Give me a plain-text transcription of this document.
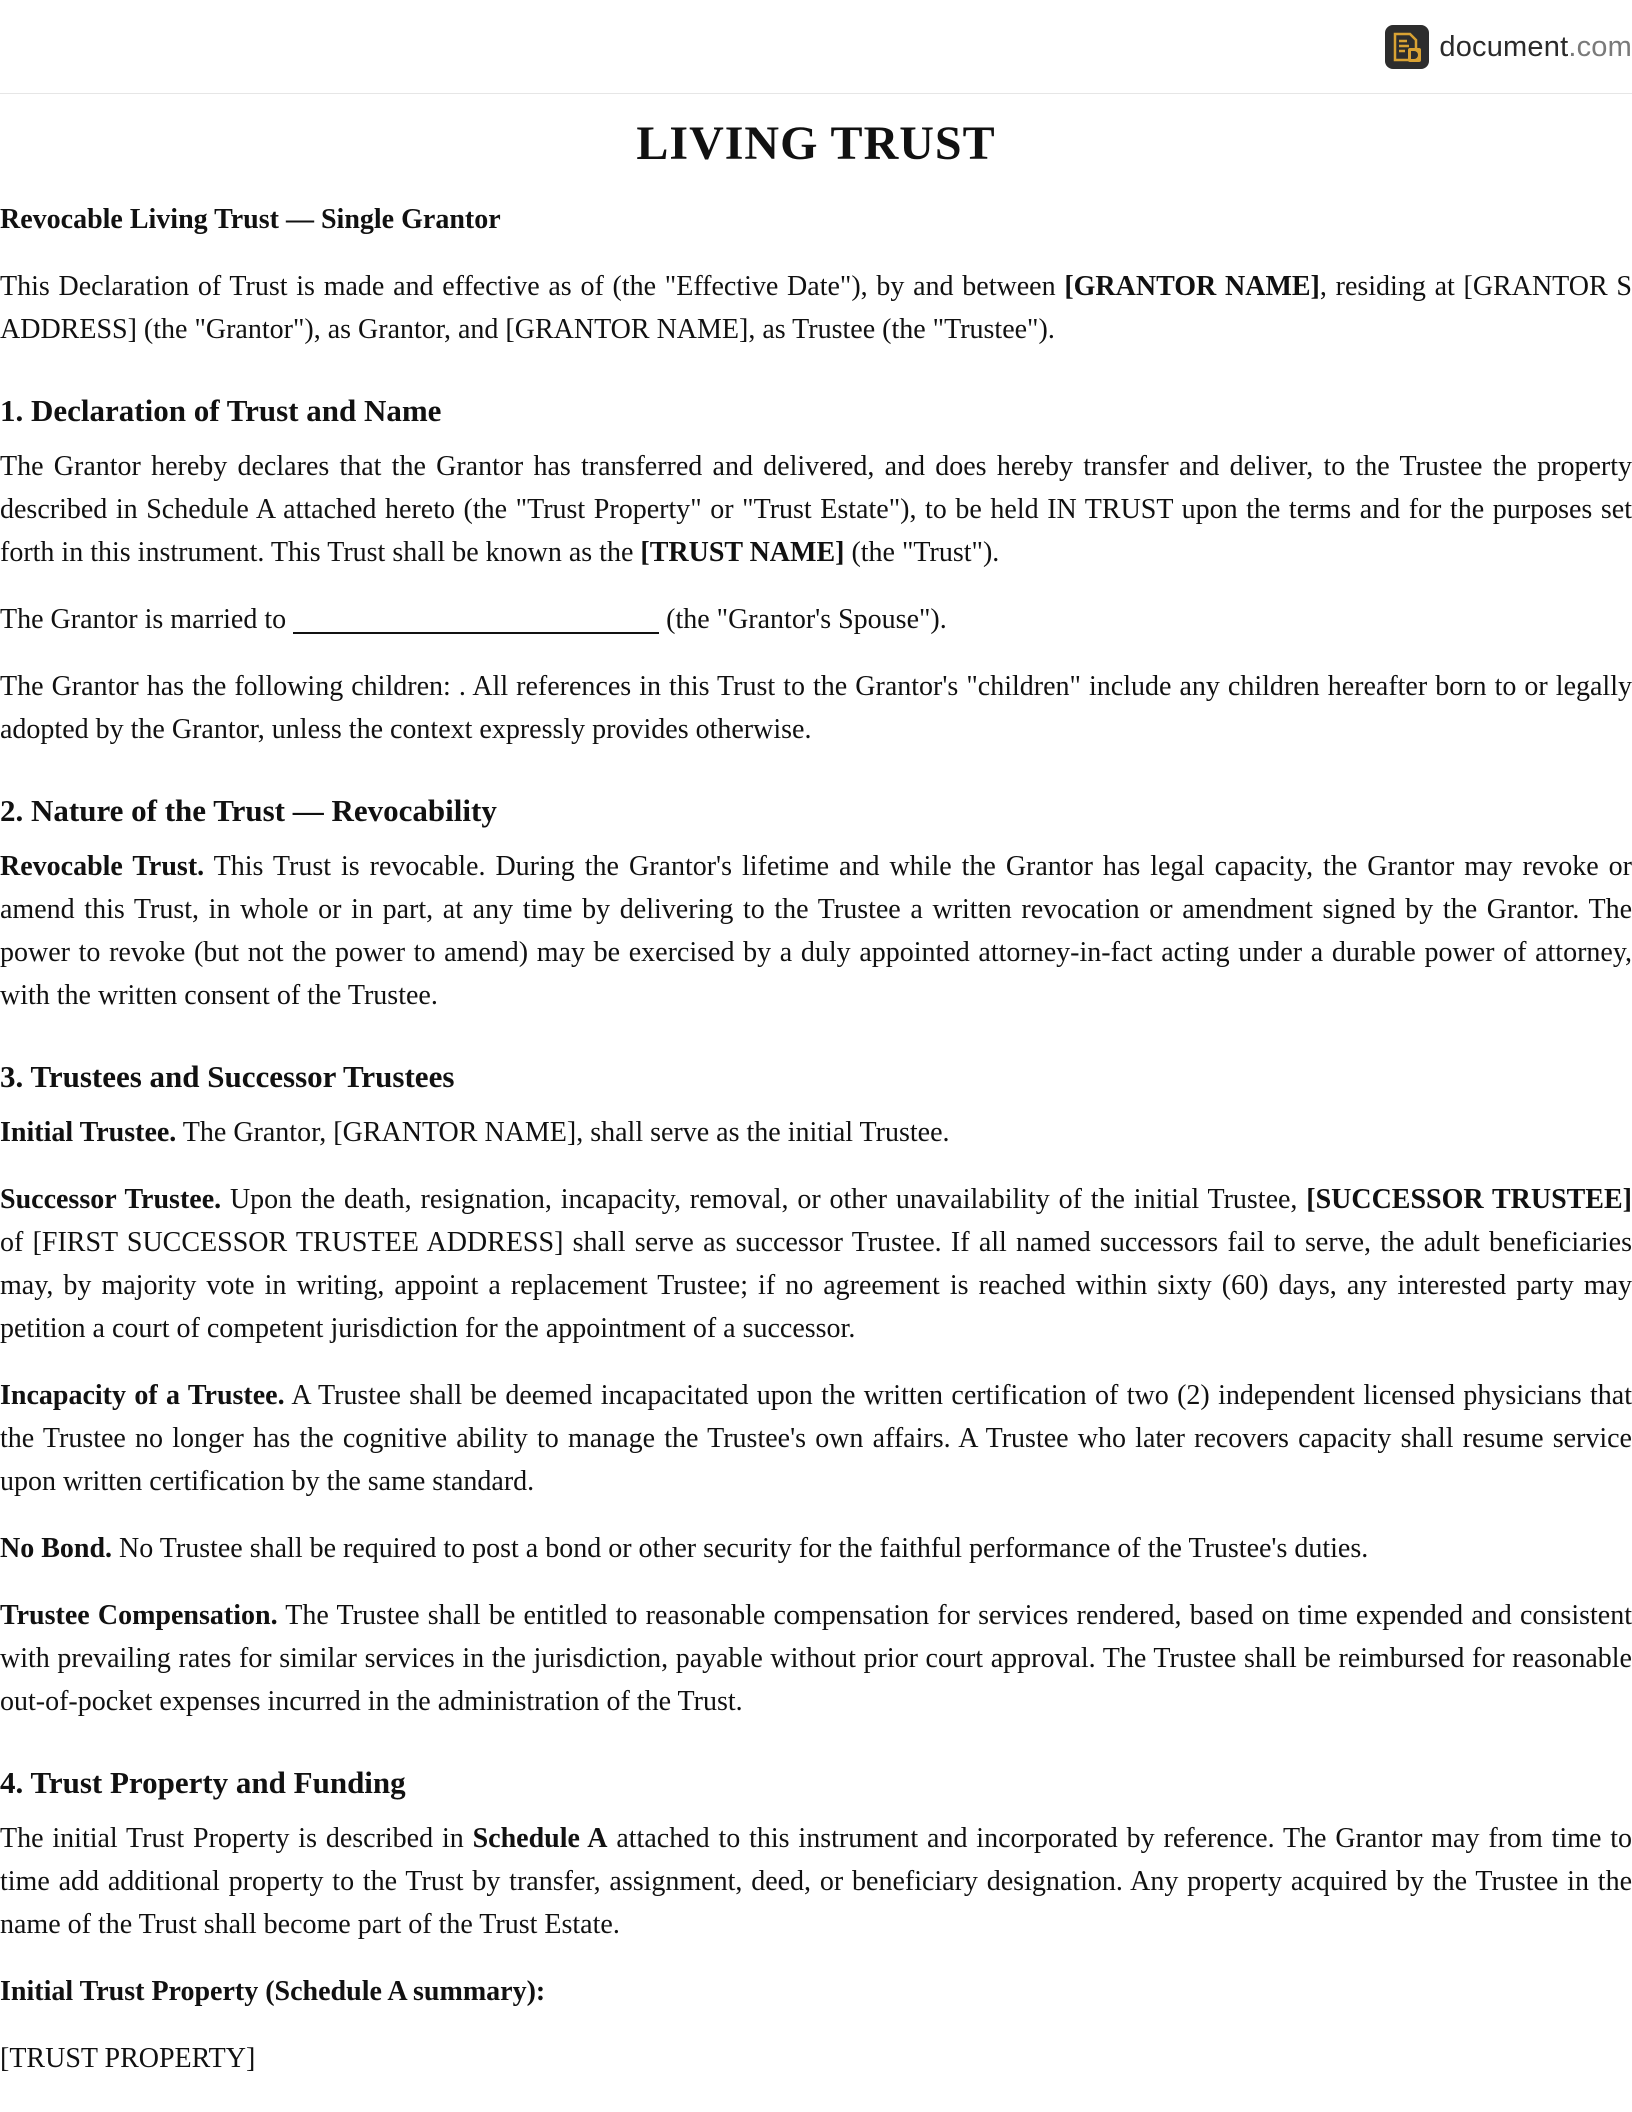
document.com
LIVING TRUST
Revocable Living Trust — Single Grantor

This Declaration of Trust is made and effective as of (the "Effective Date"), by and between [GRANTOR NAME], residing at [GRANTOR S ADDRESS] (the "Grantor"), as Grantor, and [GRANTOR NAME], as Trustee (the "Trustee").

1. Declaration of Trust and Name

The Grantor hereby declares that the Grantor has transferred and delivered, and does hereby transfer and deliver, to the Trustee the property described in Schedule A attached hereto (the "Trust Property" or "Trust Estate"), to be held IN TRUST upon the terms and for the purposes set forth in this instrument. This Trust shall be known as the [TRUST NAME] (the "Trust").

The Grantor is married to	(the "Grantor's Spouse").

The Grantor has the following children: . All references in this Trust to the Grantor's "children" include any children hereafter born to or legally adopted by the Grantor, unless the context expressly provides otherwise.

2. Nature of the Trust — Revocability

Revocable Trust. This Trust is revocable. During the Grantor's lifetime and while the Grantor has legal capacity, the Grantor may revoke or amend this Trust, in whole or in part, at any time by delivering to the Trustee a written revocation or amendment signed by the Grantor. The power to revoke (but not the power to amend) may be exercised by a duly appointed attorney-in-fact acting under a durable power of attorney, with the written consent of the Trustee.

3. Trustees and Successor Trustees

Initial Trustee. The Grantor, [GRANTOR NAME], shall serve as the initial Trustee.

Successor Trustee. Upon the death, resignation, incapacity, removal, or other unavailability of the initial Trustee, [SUCCESSOR TRUSTEE] of [FIRST SUCCESSOR TRUSTEE ADDRESS] shall serve as successor Trustee. If all named successors fail to serve, the adult beneficiaries may, by majority vote in writing, appoint a replacement Trustee; if no agreement is reached within sixty (60) days, any interested party may petition a court of competent jurisdiction for the appointment of a successor.

Incapacity of a Trustee. A Trustee shall be deemed incapacitated upon the written certification of two (2) independent licensed physicians that the Trustee no longer has the cognitive ability to manage the Trustee's own affairs. A Trustee who later recovers capacity shall resume service upon written certification by the same standard.

No Bond. No Trustee shall be required to post a bond or other security for the faithful performance of the Trustee's duties.

Trustee Compensation. The Trustee shall be entitled to reasonable compensation for services rendered, based on time expended and consistent with prevailing rates for similar services in the jurisdiction, payable without prior court approval. The Trustee shall be reimbursed for reasonable out-of-pocket expenses incurred in the administration of the Trust.

4. Trust Property and Funding

The initial Trust Property is described in Schedule A attached to this instrument and incorporated by reference. The Grantor may from time to time add additional property to the Trust by transfer, assignment, deed, or beneficiary designation. Any property acquired by the Trustee in the name of the Trust shall become part of the Trust Estate.

Initial Trust Property (Schedule A summary):

[TRUST PROPERTY]
